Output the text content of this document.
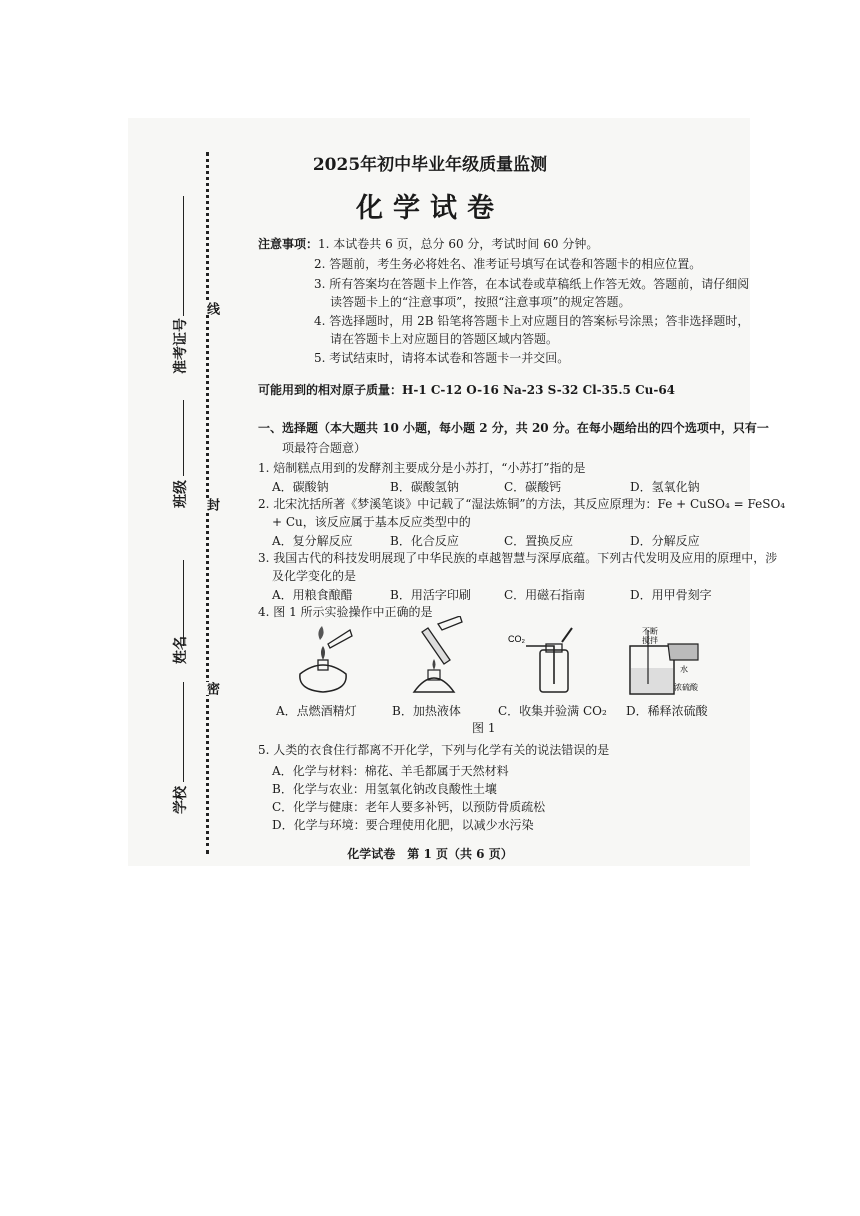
线
封
密
准考证号
班级
姓名
学校
2025年初中毕业年级质量监测
化学试卷
注意事项： 1. 本试卷共 6 页，总分 60 分，考试时间 60 分钟。
2. 答题前，考生务必将姓名、准考证号填写在试卷和答题卡的相应位置。
3. 所有答案均在答题卡上作答，在本试卷或草稿纸上作答无效。答题前，请仔细阅
读答题卡上的“注意事项”，按照“注意事项”的规定答题。
4. 答选择题时，用 2B 铅笔将答题卡上对应题目的答案标号涂黑；答非选择题时，
请在答题卡上对应题目的答题区域内答题。
5. 考试结束时，请将本试卷和答题卡一并交回。
可能用到的相对原子质量：H-1 C-12 O-16 Na-23 S-32 Cl-35.5 Cu-64
一、选择题（本大题共 10 小题，每小题 2 分，共 20 分。在每小题给出的四个选项中，只有一
项最符合题意）
1. 焙制糕点用到的发酵剂主要成分是小苏打，“小苏打”指的是
A．碳酸钠	B．碳酸氢钠	C．碳酸钙	D．氢氧化钠
2. 北宋沈括所著《梦溪笔谈》中记载了“湿法炼铜”的方法，其反应原理为：Fe + CuSO₄ = FeSO₄
+ Cu，该反应属于基本反应类型中的
A．复分解反应	B．化合反应	C．置换反应	D．分解反应
3. 我国古代的科技发明展现了中华民族的卓越智慧与深厚底蕴。下列古代发明及应用的原理中，涉
及化学变化的是
A．用粮食酿醋	B．用活字印刷	C．用磁石指南	D．用甲骨刻字
4. 图 1 所示实验操作中正确的是
CO₂
不断
搅拌
水
浓硫酸
A．点燃酒精灯	B．加热液体	C．收集并验满 CO₂ D．稀释浓硫酸
图 1
5. 人类的衣食住行都离不开化学，下列与化学有关的说法错误的是
A．化学与材料：棉花、羊毛都属于天然材料
B．化学与农业：用氢氧化钠改良酸性土壤
C．化学与健康：老年人要多补钙，以预防骨质疏松
D．化学与环境：要合理使用化肥，以减少水污染
化学试卷　第 1 页（共 6 页）
